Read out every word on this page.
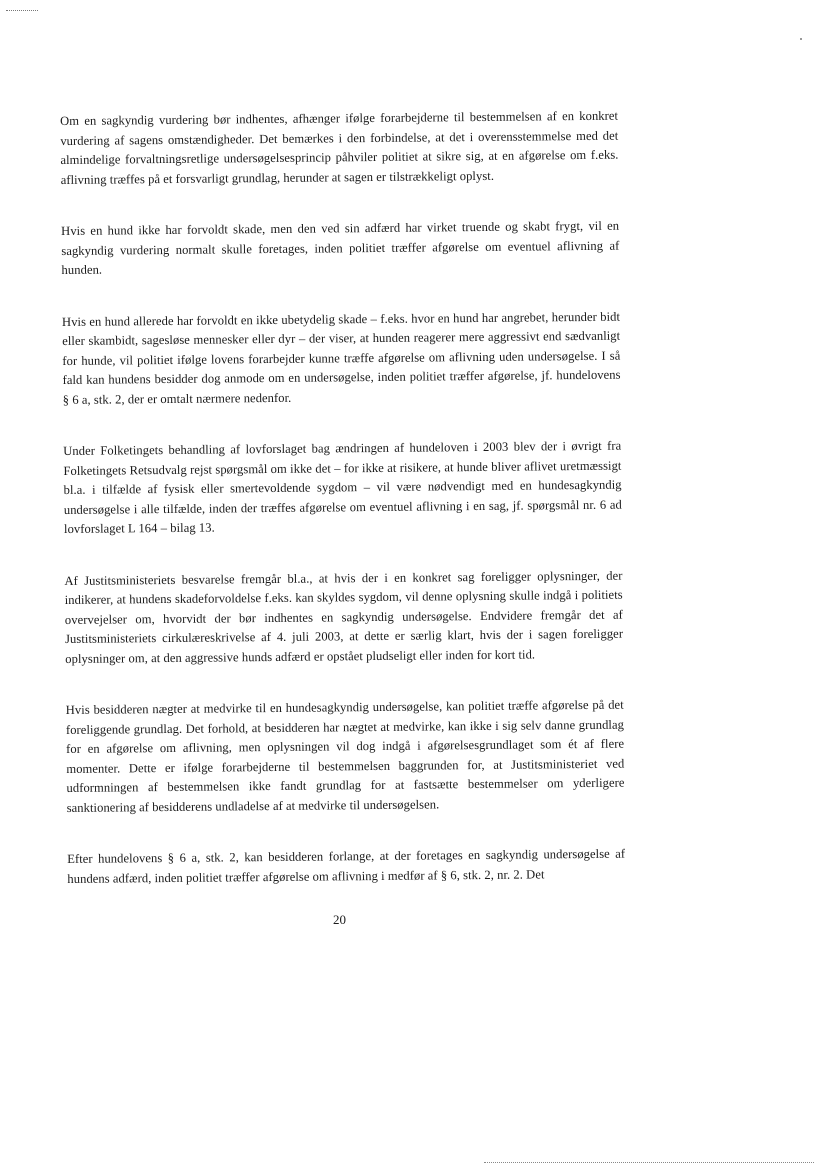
Om en sagkyndig vurdering bør indhentes, afhænger ifølge forarbejderne til bestemmelsen af en konkret vurdering af sagens omstændigheder. Det bemærkes i den forbindelse, at det i overensstemmelse med det almindelige forvaltningsretlige undersøgelsesprincip påhviler politiet at sikre sig, at en afgørelse om f.eks. aflivning træffes på et forsvarligt grundlag, herunder at sagen er tilstrækkeligt oplyst.

Hvis en hund ikke har forvoldt skade, men den ved sin adfærd har virket truende og skabt frygt, vil en sagkyndig vurdering normalt skulle foretages, inden politiet træffer afgørelse om eventuel aflivning af hunden.

Hvis en hund allerede har forvoldt en ikke ubetydelig skade – f.eks. hvor en hund har angrebet, herunder bidt eller skambidt, sagesløse mennesker eller dyr – der viser, at hunden reagerer mere aggressivt end sædvanligt for hunde, vil politiet ifølge lovens forarbejder kunne træffe afgørelse om aflivning uden undersøgelse. I så fald kan hundens besidder dog anmode om en undersøgelse, inden politiet træffer afgørelse, jf. hundelovens § 6 a, stk. 2, der er omtalt nærmere nedenfor.

Under Folketingets behandling af lovforslaget bag ændringen af hundeloven i 2003 blev der i øvrigt fra Folketingets Retsudvalg rejst spørgsmål om ikke det – for ikke at risikere, at hunde bliver aflivet uretmæssigt bl.a. i tilfælde af fysisk eller smertevoldende sygdom – vil være nødvendigt med en hundesagkyndig undersøgelse i alle tilfælde, inden der træffes afgørelse om eventuel aflivning i en sag, jf. spørgsmål nr. 6 ad lovforslaget L 164 – bilag 13.

Af Justitsministeriets besvarelse fremgår bl.a., at hvis der i en konkret sag foreligger oplysninger, der indikerer, at hundens skadeforvoldelse f.eks. kan skyldes sygdom, vil denne oplysning skulle indgå i politiets overvejelser om, hvorvidt der bør indhentes en sagkyndig undersøgelse. Endvidere fremgår det af Justitsministeriets cirkulæreskrivelse af 4. juli 2003, at dette er særlig klart, hvis der i sagen foreligger oplysninger om, at den aggressive hunds adfærd er opstået pludseligt eller inden for kort tid.

Hvis besidderen nægter at medvirke til en hundesagkyndig undersøgelse, kan politiet træffe afgørelse på det foreliggende grundlag. Det forhold, at besidderen har nægtet at medvirke, kan ikke i sig selv danne grundlag for en afgørelse om aflivning, men oplysningen vil dog indgå i afgørelsesgrundlaget som ét af flere momenter. Dette er ifølge forarbejderne til bestemmelsen baggrunden for, at Justitsministeriet ved udformningen af bestemmelsen ikke fandt grundlag for at fastsætte bestemmelser om yderligere sanktionering af besidderens undladelse af at medvirke til undersøgelsen.

Efter hundelovens § 6 a, stk. 2, kan besidderen forlange, at der foretages en sagkyndig undersøgelse af hundens adfærd, inden politiet træffer afgørelse om aflivning i medfør af § 6, stk. 2, nr. 2. Det

20
